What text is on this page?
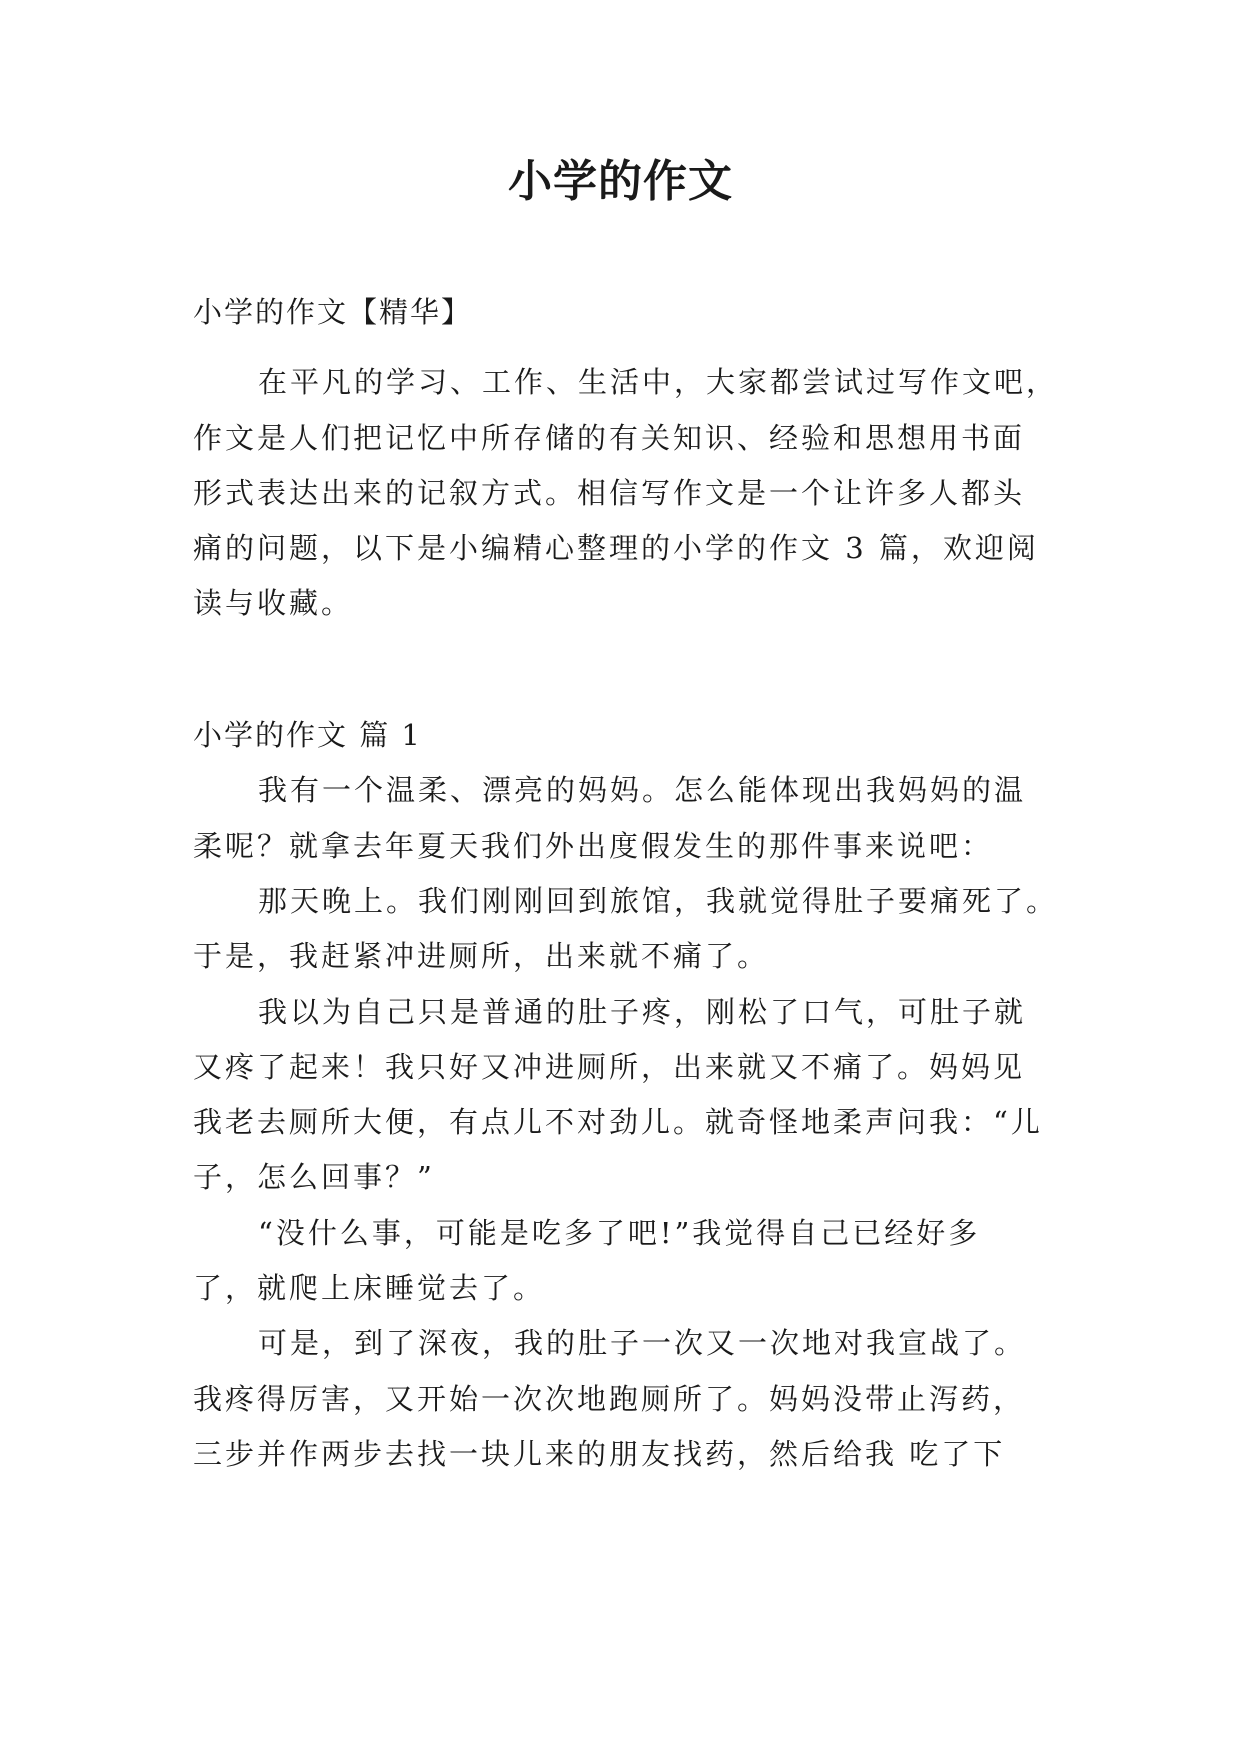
小学的作文

小学的作文【精华】

在平凡的学习、工作、生活中，大家都尝试过写作文吧，

作文是人们把记忆中所存储的有关知识、经验和思想用书面

形式表达出来的记叙方式。相信写作文是一个让许多人都头

痛的问题，以下是小编精心整理的小学的作文 3 篇，欢迎阅

读与收藏。

小学的作文 篇 1

我有一个温柔、漂亮的妈妈。怎么能体现出我妈妈的温

柔呢？就拿去年夏天我们外出度假发生的那件事来说吧：

那天晚上。我们刚刚回到旅馆，我就觉得肚子要痛死了。

于是，我赶紧冲进厕所，出来就不痛了。

我以为自己只是普通的肚子疼，刚松了口气，可肚子就

又疼了起来！我只好又冲进厕所，出来就又不痛了。妈妈见

我老去厕所大便，有点儿不对劲儿。就奇怪地柔声问我：“儿

子，怎么回事？”

“没什么事，可能是吃多了吧!”我觉得自己已经好多

了，就爬上床睡觉去了。

可是，到了深夜，我的肚子一次又一次地对我宣战了。

我疼得厉害，又开始一次次地跑厕所了。妈妈没带止泻药，

三步并作两步去找一块儿来的朋友找药，然后给我 吃了下
